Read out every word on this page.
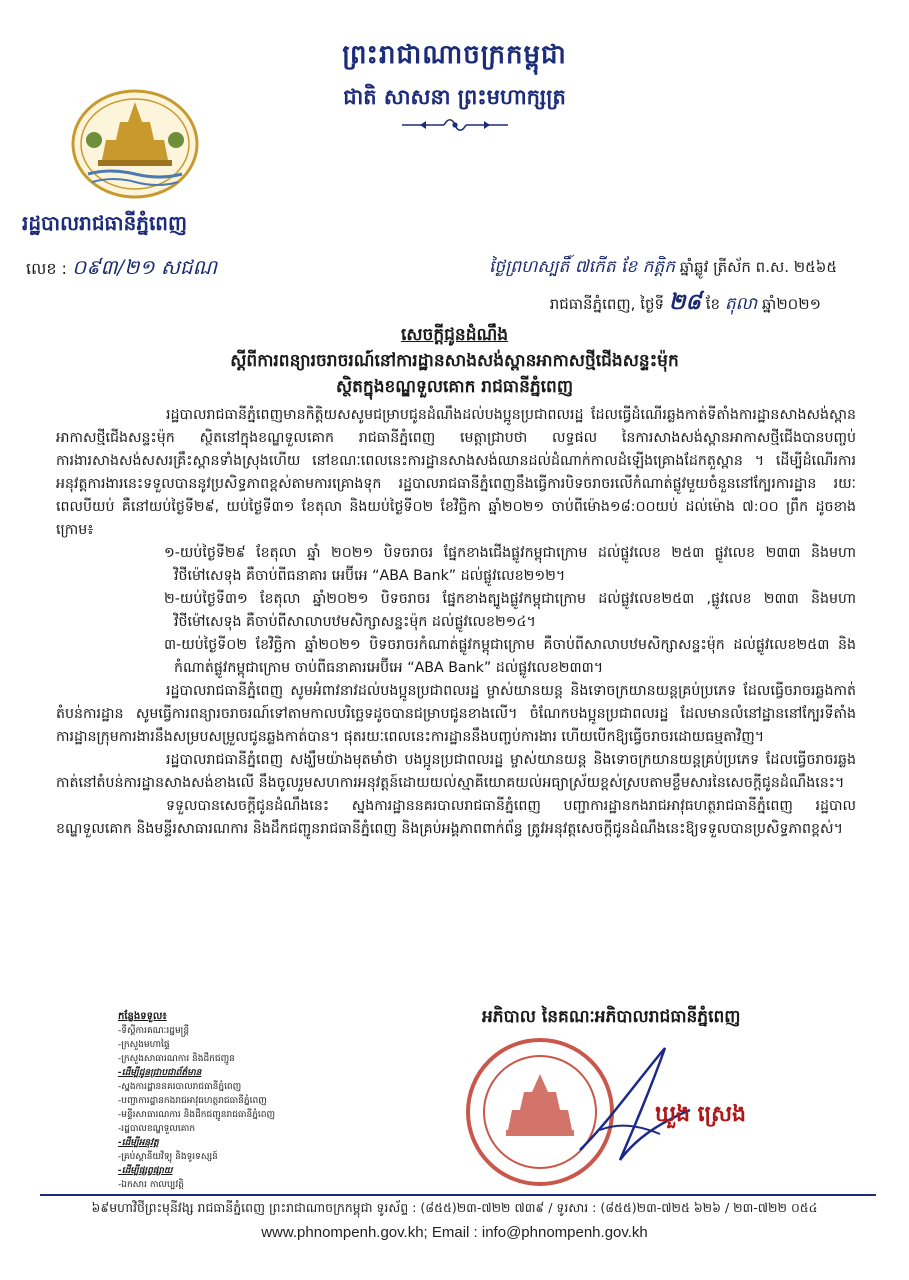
ព្រះរាជាណាចក្រកម្ពុជា
ជាតិ សាសនា ព្រះមហាក្សត្រ
រដ្ឋបាលរាជធានីភ្នំពេញ
លេខ : ០៩៣/២១ សជណ	ថ្ងៃព្រហស្បតិ៍ ៧កើត ខែ កត្តិក ឆ្នាំឆ្លូវ ត្រីស័ក ព.ស. ២៥៦៥
រាជធានីភ្នំពេញ, ថ្ងៃទី ២៨ ខែ តុលា ឆ្នាំ២០២១
សេចក្តីជូនដំណឹង
ស្តីពីការពន្យារចរាចរណ៍នៅការដ្ឋានសាងសង់ស្ពានអាកាសថ្មីជើងសន្ទះម៉ុក
ស្ថិតក្នុងខណ្ឌទួលគោក រាជធានីភ្នំពេញ

រដ្ឋបាលរាជធានីភ្នំពេញមានកិត្តិយសសូមជម្រាបជូនដំណឹងដល់បងប្អូនប្រជាពលរដ្ឋ ដែលធ្វើដំណើរឆ្លងកាត់ទីតាំងការដ្ឋានសាងសង់ស្ពានអាកាសថ្មីជើងសន្ទះម៉ុក ស្ថិតនៅក្នុងខណ្ឌទួលគោក រាជធានីភ្នំពេញ មេត្តាជ្រាបថា លទ្ធផល នៃការសាងសង់ស្ពានអាកាសថ្មីជើងបានបញ្ចប់ការងារសាងសង់សសរគ្រឹះស្ពានទាំងស្រុងហើយ នៅខណៈពេលនេះការដ្ឋានសាងសង់ឈានដល់ដំណាក់កាលដំឡើងគ្រោងដែកតួស្ពាន ។ ដើម្បីដំណើរការអនុវត្តការងារនេះទទួលបាននូវប្រសិទ្ធភាពខ្ពស់តាមការគ្រោងទុក រដ្ឋបាលរាជធានីភ្នំពេញនឹងធ្វើការបិទចរាចរលើកំណាត់ផ្លូវមួយចំនួននៅក្បែរការដ្ឋាន រយៈពេលបីយប់ គឺនៅយប់ថ្ងៃទី២៩, យប់ថ្ងៃទី៣១ ខែតុលា និងយប់ថ្ងៃទី០២ ខែវិច្ឆិកា ឆ្នាំ២០២១ ចាប់ពីម៉ោង១៨:០០យប់ ដល់ម៉ោង ៧:០០ ព្រឹក ដូចខាងក្រោម៖

១-យប់ថ្ងៃទី២៩ ខែតុលា ឆ្នាំ ២០២១ បិទចរាចរ ផ្នែកខាងជើងផ្លូវកម្ពុជាក្រោម ដល់ផ្លូវលេខ ២៥៣ ផ្លូវលេខ ២៣៣ និងមហាវិថីម៉ៅសេទុង គឺចាប់ពីធនាគារ អេប៊ីអេ “ABA Bank” ដល់ផ្លូវលេខ២១២។

២-យប់ថ្ងៃទី៣១ ខែតុលា ឆ្នាំ២០២១ បិទចរាចរ ផ្នែកខាងត្បូងផ្លូវកម្ពុជាក្រោម ដល់ផ្លូវលេខ២៥៣ ,ផ្លូវលេខ ២៣៣ និងមហាវិថីម៉ៅសេទុង គឺចាប់ពីសាលាបឋមសិក្សាសន្ទះម៉ុក ដល់ផ្លូវលេខ២១៤។

៣-យប់ថ្ងៃទី០២ ខែវិច្ឆិកា ឆ្នាំ២០២១ បិទចរាចរកំណាត់ផ្លូវកម្ពុជាក្រោម គឺចាប់ពីសាលាបឋមសិក្សាសន្ទះម៉ុក ដល់ផ្លូវលេខ២៥៣ និងកំណាត់ផ្លូវកម្ពុជាក្រោម ចាប់ពីធនាគារអេប៊ីអេ “ABA Bank” ដល់ផ្លូវលេខ២៣៣។

រដ្ឋបាលរាជធានីភ្នំពេញ សូមអំពាវនាវដល់បងប្អូនប្រជាពលរដ្ឋ ម្ចាស់យានយន្ត និងទោចក្រយានយន្តគ្រប់ប្រភេទ ដែលធ្វើចរាចរឆ្លងកាត់តំបន់ការដ្ឋាន សូមធ្វើការពន្យារចរាចរណ៍ទៅតាមកាលបរិច្ឆេទដូចបានជម្រាបជូនខាងលើ។ ចំណែកបងប្អូនប្រជាពលរដ្ឋ ដែលមានលំនៅដ្ឋាននៅក្បែរទីតាំងការដ្ឋានក្រុមការងារនឹងសម្របសម្រួលជូនឆ្លងកាត់បាន។ ផុតរយៈពេលនេះការដ្ឋាននឹងបញ្ចប់ការងារ ហើយបើកឱ្យធ្វើចរាចរដោយធម្មតាវិញ។

រដ្ឋបាលរាជធានីភ្នំពេញ សង្ឃឹមយ៉ាងមុតមាំថា បងប្អូនប្រជាពលរដ្ឋ ម្ចាស់យានយន្ត និងទោចក្រយានយន្តគ្រប់ប្រភេទ ដែលធ្វើចរាចរឆ្លងកាត់នៅតំបន់ការដ្ឋានសាងសង់ខាងលើ នឹងចូលរួមសហការអនុវត្តន៍ដោយយល់ស្មាគីយោគយល់អធ្យាស្រ័យខ្ពស់ស្របតាមខ្លឹមសារនៃសេចក្តីជូនដំណឹងនេះ។

ទទួលបានសេចក្តីជូនដំណឹងនេះ ស្នងការដ្ឋាននគរបាលរាជធានីភ្នំពេញ បញ្ជាការដ្ឋានកងរាជអាវុធហត្ថរាជធានីភ្នំពេញ រដ្ឋបាលខណ្ឌទួលគោក និងមន្ទីរសាធារណការ និងដឹកជញ្ជូនរាជធានីភ្នំពេញ និងគ្រប់អង្គភាពពាក់ព័ន្ធ ត្រូវអនុវត្តសេចក្តីជូនដំណឹងនេះឱ្យទទួលបានប្រសិទ្ធភាពខ្ពស់។

កន្លែងទទួល៖
-ទីស្តីការគណៈរដ្ឋមន្ត្រី
-ក្រសួងមហាផ្ទៃ
-ក្រសួងសាធារណការ និងដឹកជញ្ជូន
-ដើម្បីជូនជ្រាបជាព័ត៌មាន
-ស្នងការដ្ឋាននគរបាលរាជធានីភ្នំពេញ
-បញ្ជាការដ្ឋានកងរាជអាវុធហត្ថរាជធានីភ្នំពេញ
-មន្ទីរសាធារណការ និងដឹកជញ្ជូនរាជធានីភ្នំពេញ
-រដ្ឋបាលខណ្ឌទួលគោក
-ដើម្បីអនុវត្ត
-គ្រប់ស្ថានីយវិទ្យុ និងទូរទស្សន៍
-ដើម្បីផ្សព្វផ្សាយ
-ឯកសារ កាលប្បវត្តិ
អភិបាល នៃគណៈអភិបាលរាជធានីភ្នំពេញ
ឃួង ស្រេង
៦៩មហាវិថីព្រះមុនីវង្ស រាជធានីភ្នំពេញ ព្រះរាជាណាចក្រកម្ពុជា ទូរស័ព្ទ : (៨៥៥)២៣-៧២២ ៧៣៩ / ទូរសារ : (៨៥៥)២៣-៧២៥ ៦២៦ / ២៣-៧២២ ០៥៤
www.phnompenh.gov.kh; Email : info@phnompenh.gov.kh
